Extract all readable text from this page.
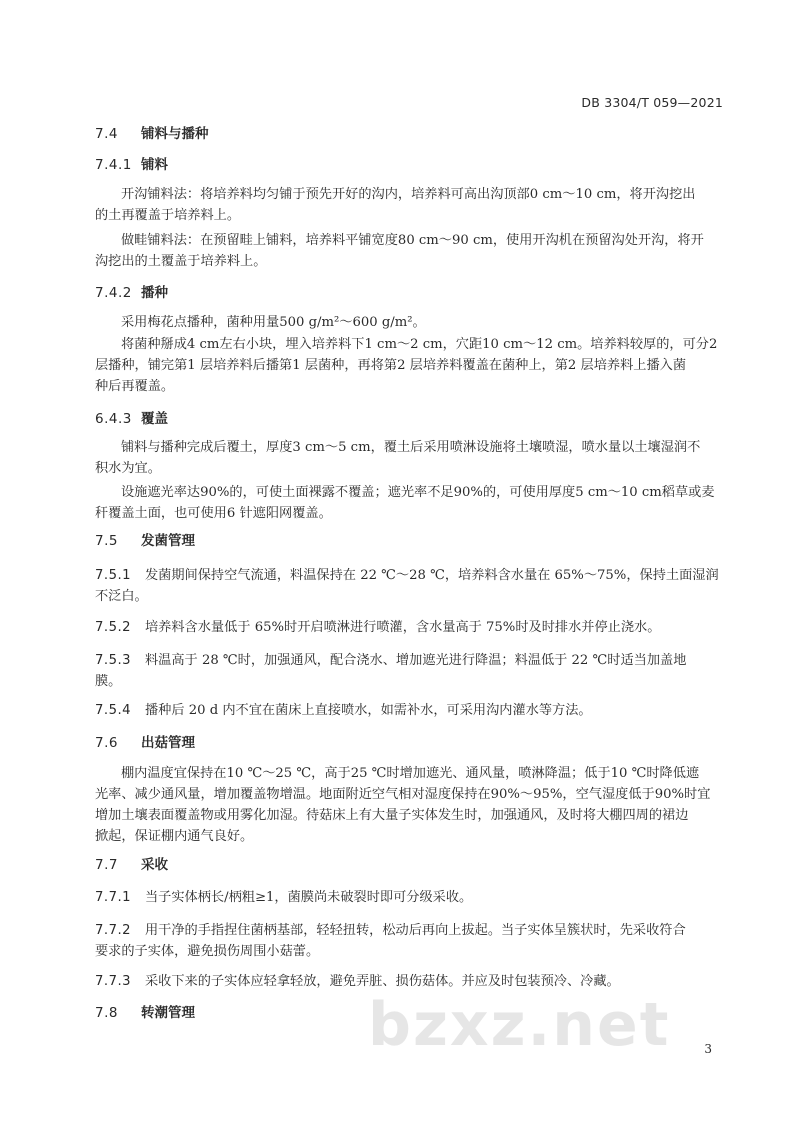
DB 3304/T 059—2021
7.4 铺料与播种
7.4.1 铺料
开沟铺料法：将培养料均匀铺于预先开好的沟内，培养料可高出沟顶部0 cm～10 cm，将开沟挖出
的土再覆盖于培养料上。
做畦铺料法：在预留畦上铺料，培养料平铺宽度80 cm～90 cm，使用开沟机在预留沟处开沟，将开
沟挖出的土覆盖于培养料上。
7.4.2 播种
采用梅花点播种，菌种用量500 g/m²～600 g/m²。
将菌种掰成4 cm左右小块，埋入培养料下1 cm～2 cm，穴距10 cm～12 cm。培养料较厚的，可分2
层播种，铺完第1 层培养料后播第1 层菌种，再将第2 层培养料覆盖在菌种上，第2 层培养料上播入菌
种后再覆盖。
6.4.3 覆盖
铺料与播种完成后覆土，厚度3 cm～5 cm，覆土后采用喷淋设施将土壤喷湿，喷水量以土壤湿润不
积水为宜。
设施遮光率达90%的，可使土面裸露不覆盖；遮光率不足90%的，可使用厚度5 cm～10 cm稻草或麦
秆覆盖土面，也可使用6 针遮阳网覆盖。
7.5 发菌管理
7.5.1 发菌期间保持空气流通，料温保持在 22 ℃～28 ℃，培养料含水量在 65%～75%，保持土面湿润
不泛白。
7.5.2 培养料含水量低于 65%时开启喷淋进行喷灌，含水量高于 75%时及时排水并停止浇水。
7.5.3 料温高于 28 ℃时，加强通风，配合浇水、增加遮光进行降温；料温低于 22 ℃时适当加盖地
膜。
7.5.4 播种后 20 d 内不宜在菌床上直接喷水，如需补水，可采用沟内灌水等方法。
7.6 出菇管理
棚内温度宜保持在10 ℃～25 ℃，高于25 ℃时增加遮光、通风量，喷淋降温；低于10 ℃时降低遮
光率、减少通风量，增加覆盖物增温。地面附近空气相对湿度保持在90%～95%，空气湿度低于90%时宜
增加土壤表面覆盖物或用雾化加湿。待菇床上有大量子实体发生时，加强通风，及时将大棚四周的裙边
掀起，保证棚内通气良好。
7.7 采收
7.7.1 当子实体柄长/柄粗≥1，菌膜尚未破裂时即可分级采收。
7.7.2 用干净的手指捏住菌柄基部，轻轻扭转，松动后再向上拔起。当子实体呈簇状时，先采收符合
要求的子实体，避免损伤周围小菇蕾。
7.7.3 采收下来的子实体应轻拿轻放，避免弄脏、损伤菇体。并应及时包装预冷、冷藏。
7.8 转潮管理	bzxz.net	3
